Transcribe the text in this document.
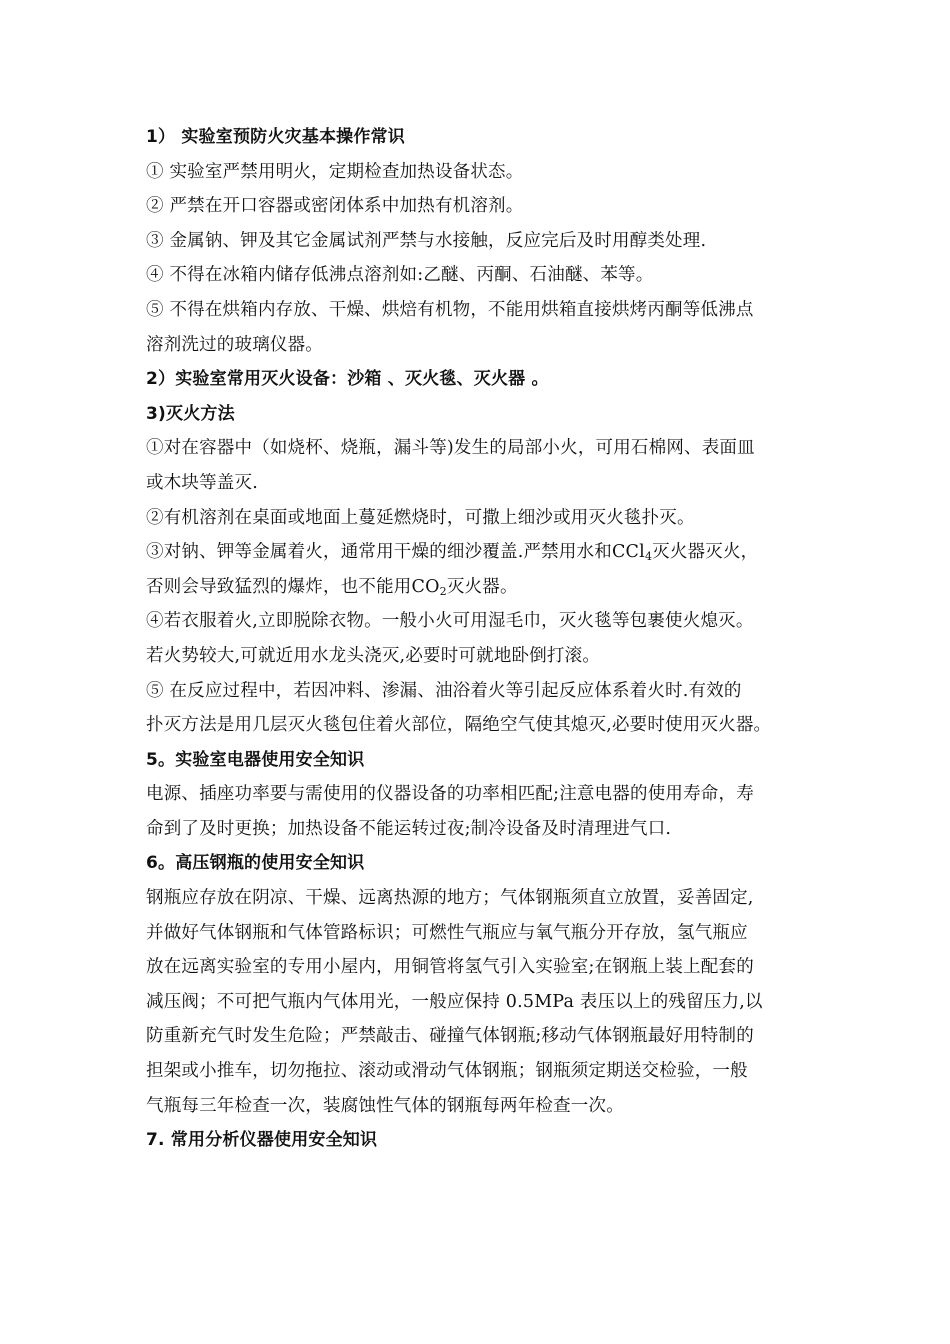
1） 实验室预防火灾基本操作常识
① 实验室严禁用明火，定期检查加热设备状态。
② 严禁在开口容器或密闭体系中加热有机溶剂。
③ 金属钠、钾及其它金属试剂严禁与水接触，反应完后及时用醇类处理.
④ 不得在冰箱内储存低沸点溶剂如:乙醚、丙酮、石油醚、苯等。
⑤ 不得在烘箱内存放、干燥、烘焙有机物，不能用烘箱直接烘烤丙酮等低沸点
溶剂洗过的玻璃仪器。
2）实验室常用灭火设备：沙箱 、灭火毯、灭火器 。
3)灭火方法
①对在容器中（如烧杯、烧瓶，漏斗等)发生的局部小火，可用石棉网、表面皿
或木块等盖灭.
②有机溶剂在桌面或地面上蔓延燃烧时，可撒上细沙或用灭火毯扑灭。
③对钠、钾等金属着火，通常用干燥的细沙覆盖.严禁用水和CCl$_4$灭火器灭火，
否则会导致猛烈的爆炸，也不能用$CO_2$灭火器。
④若衣服着火,立即脱除衣物。一般小火可用湿毛巾，灭火毯等包裹使火熄灭。
若火势较大,可就近用水龙头浇灭,必要时可就地卧倒打滚。
⑤ 在反应过程中，若因冲料、渗漏、油浴着火等引起反应体系着火时.有效的
扑灭方法是用几层灭火毯包住着火部位，隔绝空气使其熄灭,必要时使用灭火器。
5。实验室电器使用安全知识
电源、插座功率要与需使用的仪器设备的功率相匹配;注意电器的使用寿命，寿
命到了及时更换；加热设备不能运转过夜;制冷设备及时清理进气口.
6。高压钢瓶的使用安全知识
钢瓶应存放在阴凉、干燥、远离热源的地方；气体钢瓶须直立放置，妥善固定,
并做好气体钢瓶和气体管路标识；可燃性气瓶应与氧气瓶分开存放，氢气瓶应
放在远离实验室的专用小屋内，用铜管将氢气引入实验室;在钢瓶上装上配套的
减压阀；不可把气瓶内气体用光，一般应保持 0.5MPa 表压以上的残留压力,以
防重新充气时发生危险；严禁敲击、碰撞气体钢瓶;移动气体钢瓶最好用特制的
担架或小推车，切勿拖拉、滚动或滑动气体钢瓶；钢瓶须定期送交检验，一般
气瓶每三年检查一次，装腐蚀性气体的钢瓶每两年检查一次。
7. 常用分析仪器使用安全知识
